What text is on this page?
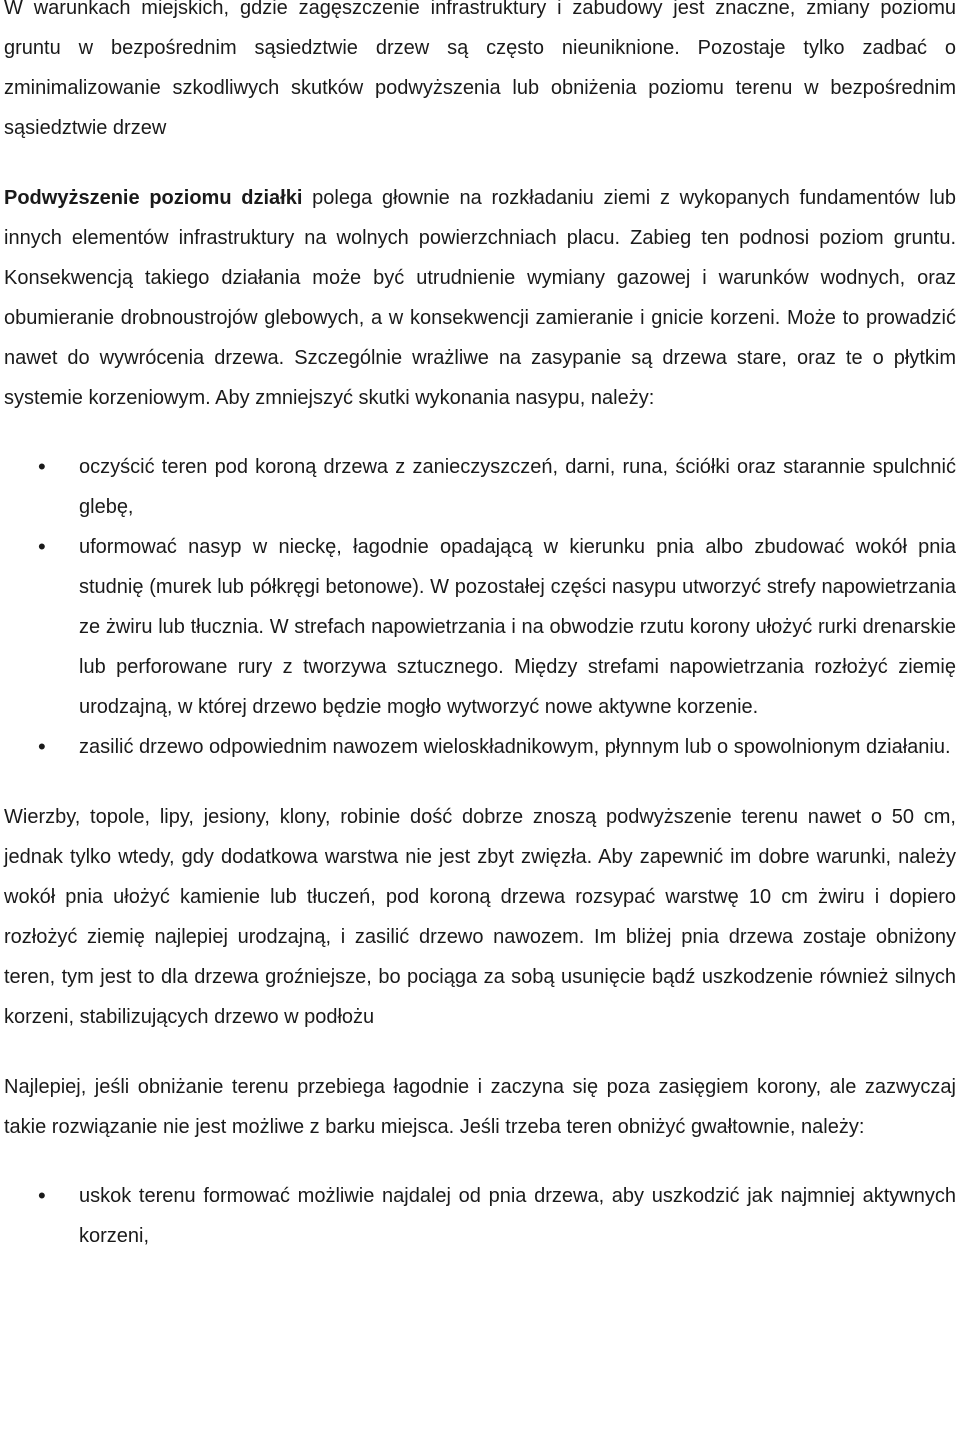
W warunkach miejskich, gdzie zagęszczenie infrastruktury i zabudowy jest znaczne, zmiany poziomu gruntu w bezpośrednim sąsiedztwie drzew są często nieuniknione. Pozostaje tylko zadbać o zminimalizowanie szkodliwych skutków podwyższenia lub obniżenia poziomu terenu w bezpośrednim sąsiedztwie drzew

Podwyższenie poziomu działki polega głownie na rozkładaniu ziemi z wykopanych fundamentów lub innych elementów infrastruktury na wolnych powierzchniach placu. Zabieg ten podnosi poziom gruntu. Konsekwencją takiego działania może być utrudnienie wymiany gazowej i warunków wodnych, oraz obumieranie drobnoustrojów glebowych, a w konsekwencji zamieranie i gnicie korzeni. Może to prowadzić nawet do wywrócenia drzewa. Szczególnie wrażliwe na zasypanie są drzewa stare, oraz te o płytkim systemie korzeniowym. Aby zmniejszyć skutki wykonania nasypu, należy:

• oczyścić teren pod koroną drzewa z zanieczyszczeń, darni, runa, ściółki oraz starannie spulchnić glebę,
• uformować nasyp w nieckę, łagodnie opadającą w kierunku pnia albo zbudować wokół pnia studnię (murek lub półkręgi betonowe). W pozostałej części nasypu utworzyć strefy napowietrzania ze żwiru lub tłucznia. W strefach napowietrzania i na obwodzie rzutu korony ułożyć rurki drenarskie lub perforowane rury z tworzywa sztucznego. Między strefami napowietrzania rozłożyć ziemię urodzajną, w której drzewo będzie mogło wytworzyć nowe aktywne korzenie.
• zasilić drzewo odpowiednim nawozem wieloskładnikowym, płynnym lub o spowolnionym działaniu.

Wierzby, topole, lipy, jesiony, klony, robinie dość dobrze znoszą podwyższenie terenu nawet o 50 cm, jednak tylko wtedy, gdy dodatkowa warstwa nie jest zbyt zwięzła. Aby zapewnić im dobre warunki, należy wokół pnia ułożyć kamienie lub tłuczeń, pod koroną drzewa rozsypać warstwę 10 cm żwiru i dopiero rozłożyć ziemię najlepiej urodzajną, i zasilić drzewo nawozem. Im bliżej pnia drzewa zostaje obniżony teren, tym jest to dla drzewa groźniejsze, bo pociąga za sobą usunięcie bądź uszkodzenie również silnych korzeni, stabilizujących drzewo w podłożu

Najlepiej, jeśli obniżanie terenu przebiega łagodnie i zaczyna się poza zasięgiem korony, ale zazwyczaj takie rozwiązanie nie jest możliwe z barku miejsca. Jeśli trzeba teren obniżyć gwałtownie, należy:

• uskok terenu formować możliwie najdalej od pnia drzewa, aby uszkodzić jak najmniej aktywnych korzeni,
